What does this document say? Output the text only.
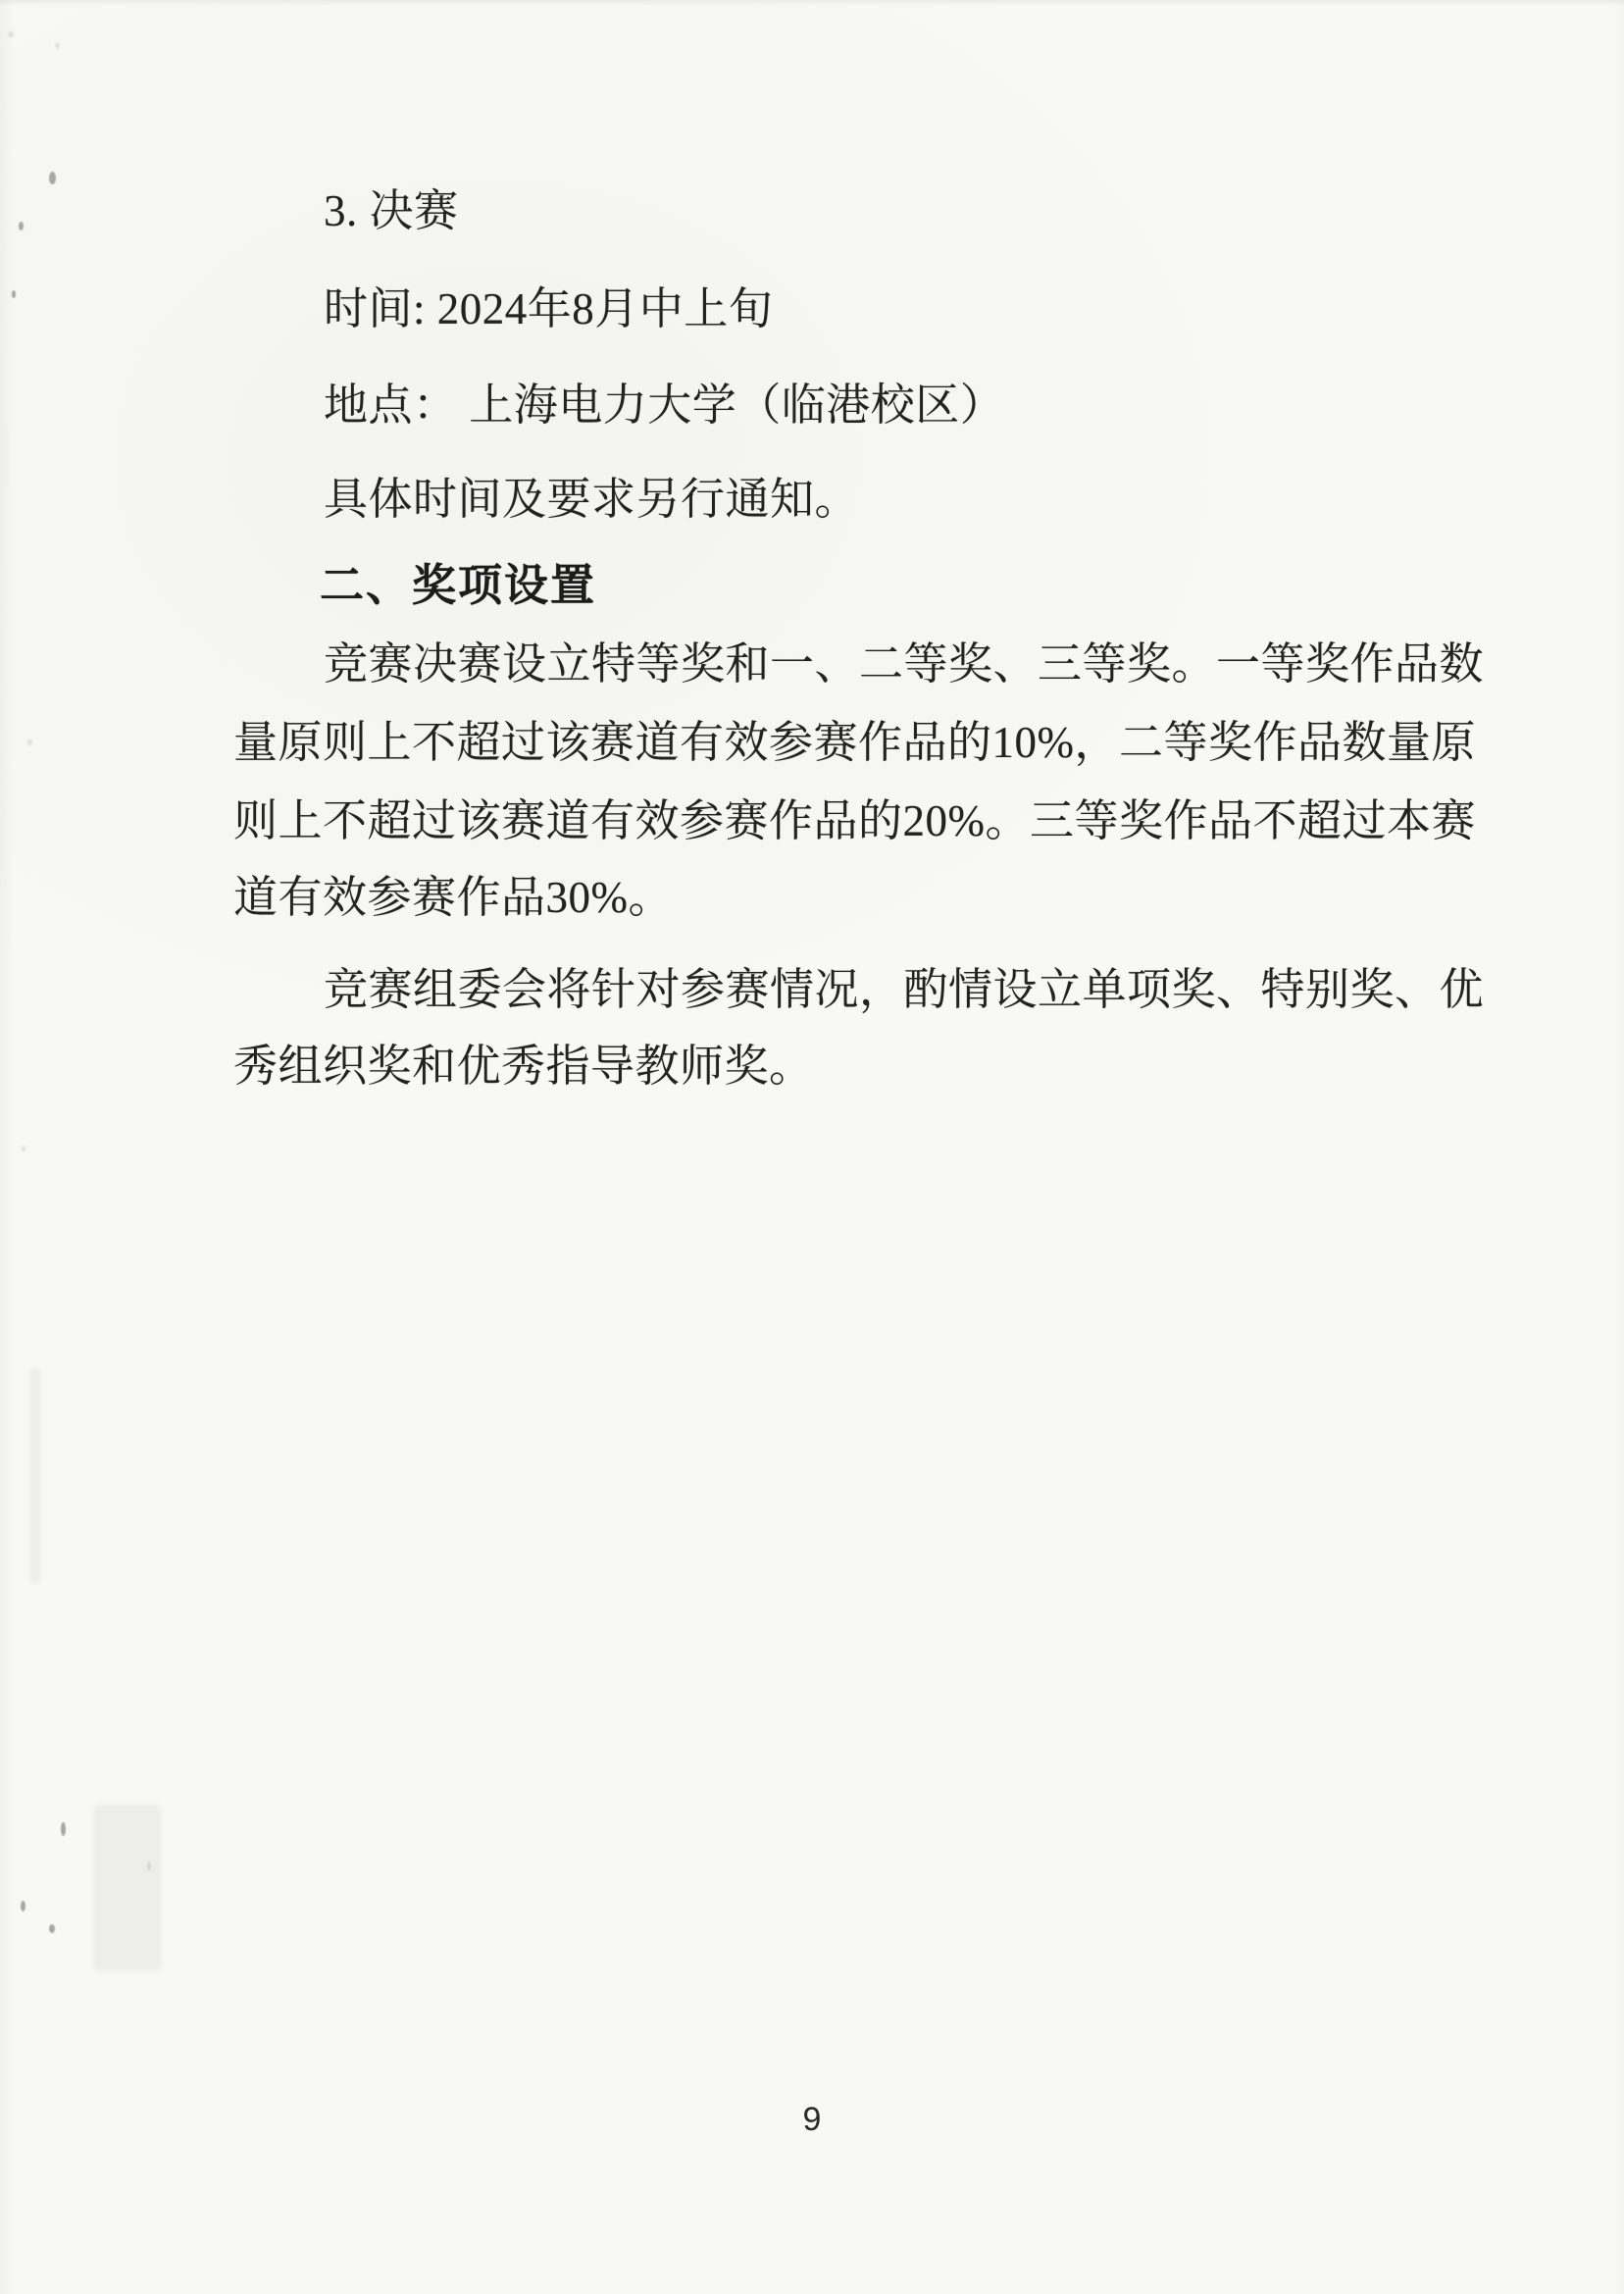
3. 决赛
时间: 2024年8月中上旬
地点： 上海电力大学（临港校区）
具体时间及要求另行通知。
二、奖项设置
竞赛决赛设立特等奖和一、二等奖、三等奖。一等奖作品数
量原则上不超过该赛道有效参赛作品的10%，二等奖作品数量原
则上不超过该赛道有效参赛作品的20%。三等奖作品不超过本赛
道有效参赛作品30%。
竞赛组委会将针对参赛情况，酌情设立单项奖、特别奖、优
秀组织奖和优秀指导教师奖。
9
